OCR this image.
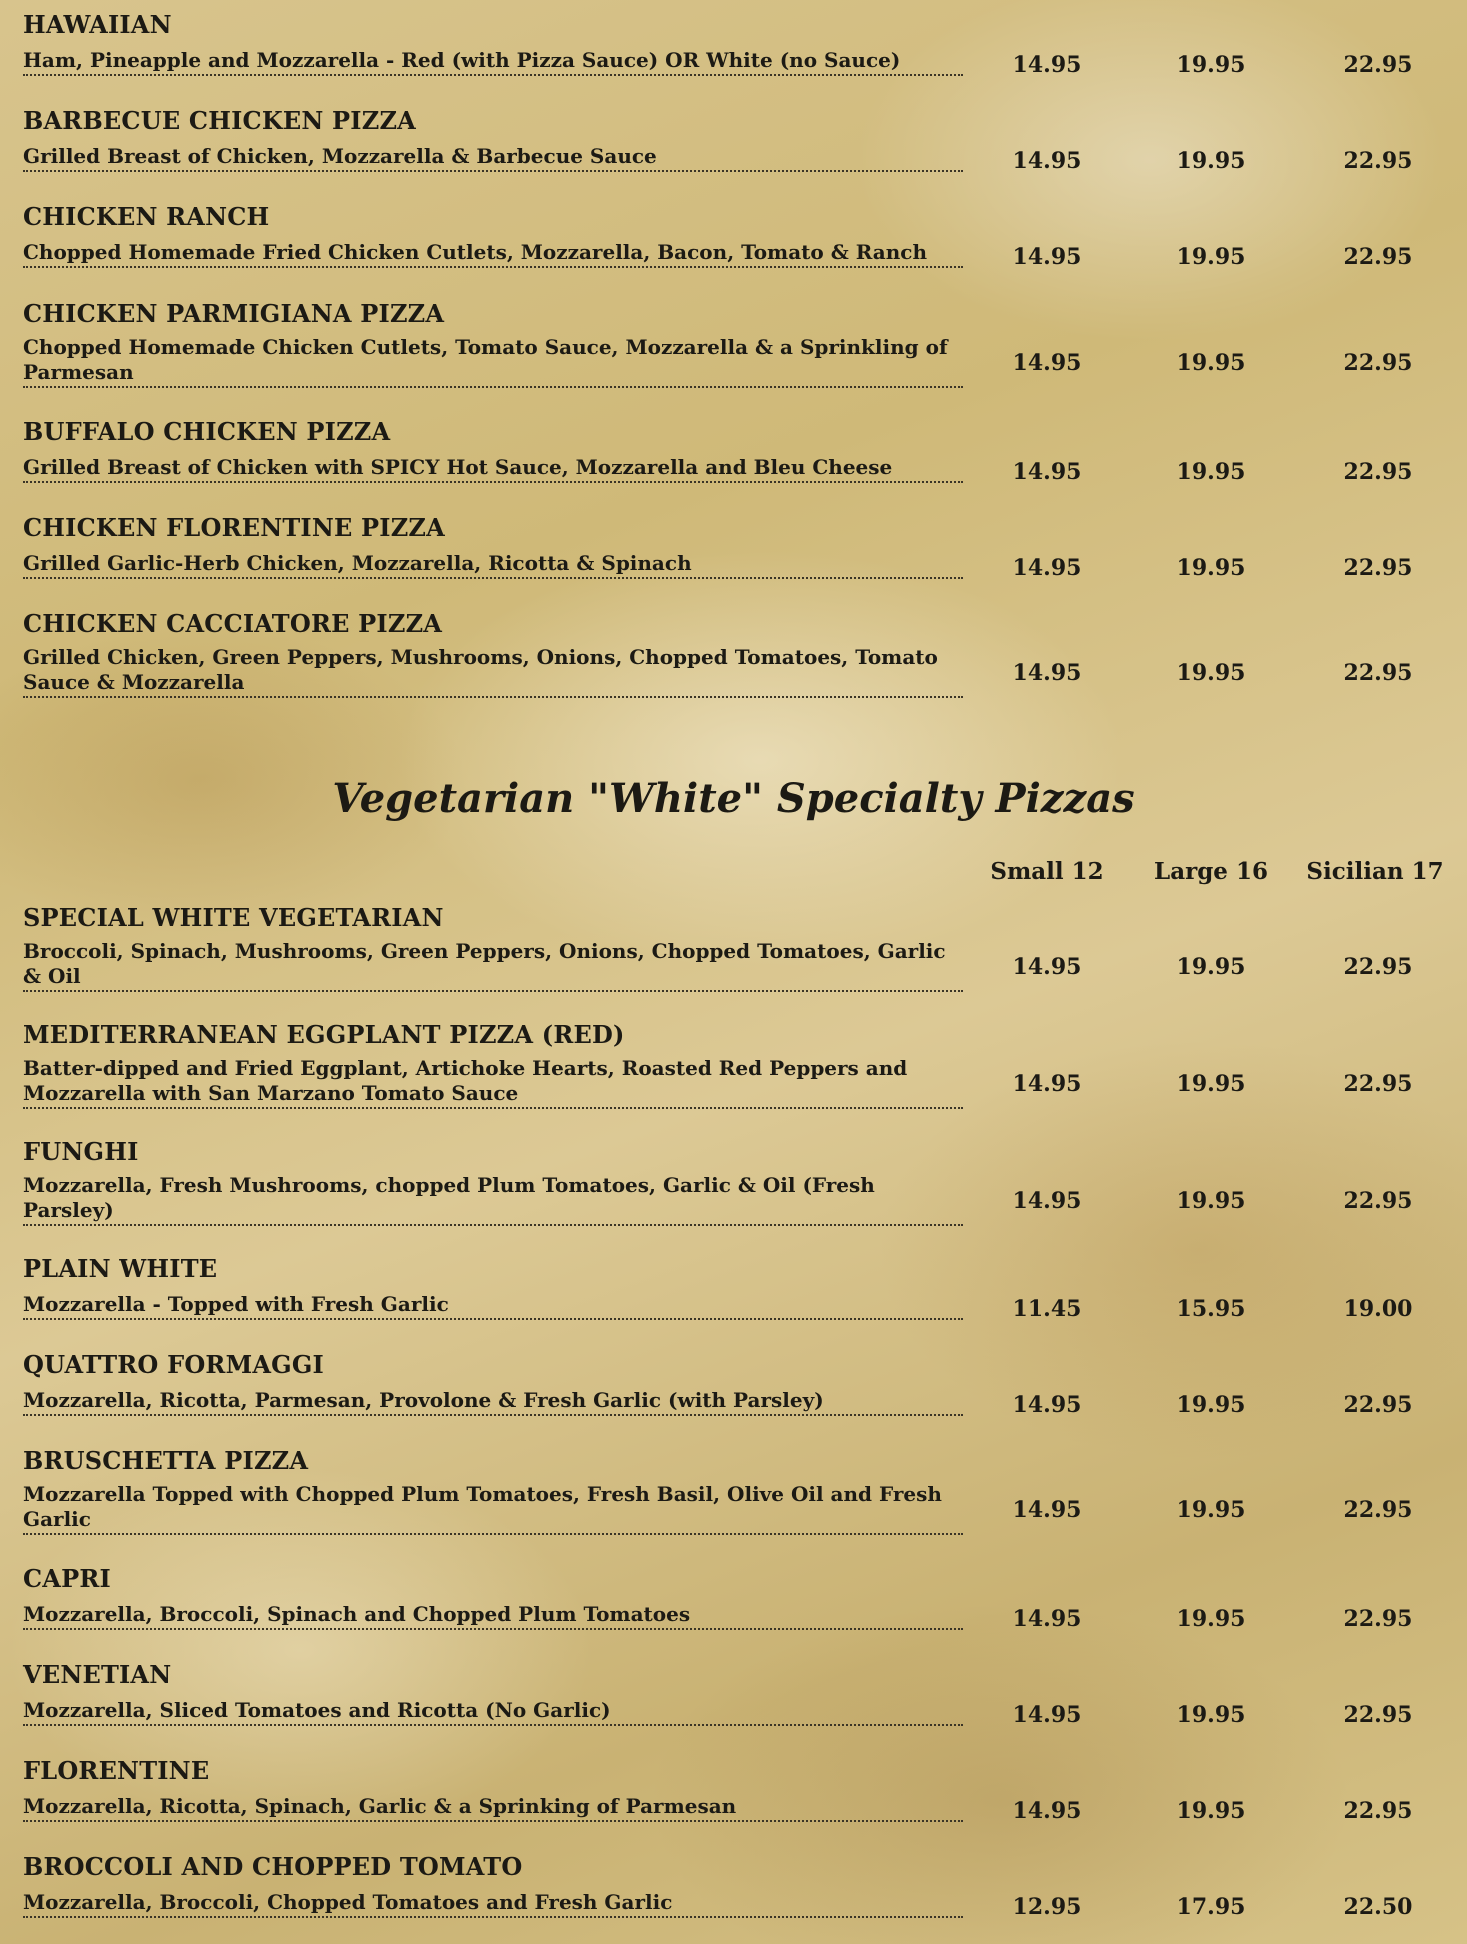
HAWAIIAN
Ham, Pineapple and Mozzarella - Red (with Pizza Sauce) OR White (no Sauce)	14.95	19.95	22.95
BARBECUE CHICKEN PIZZA
Grilled Breast of Chicken, Mozzarella & Barbecue Sauce	14.95	19.95	22.95
CHICKEN RANCH
Chopped Homemade Fried Chicken Cutlets, Mozzarella, Bacon, Tomato & Ranch	14.95	19.95	22.95
CHICKEN PARMIGIANA PIZZA
Chopped Homemade Chicken Cutlets, Tomato Sauce, Mozzarella & a Sprinkling of Parmesan	14.95	19.95	22.95
BUFFALO CHICKEN PIZZA
Grilled Breast of Chicken with SPICY Hot Sauce, Mozzarella and Bleu Cheese	14.95	19.95	22.95
CHICKEN FLORENTINE PIZZA
Grilled Garlic-Herb Chicken, Mozzarella, Ricotta & Spinach	14.95	19.95	22.95
CHICKEN CACCIATORE PIZZA
Grilled Chicken, Green Peppers, Mushrooms, Onions, Chopped Tomatoes, Tomato Sauce & Mozzarella	14.95	19.95	22.95
Vegetarian "White" Specialty Pizzas
Small 12	Large 16	Sicilian 17
SPECIAL WHITE VEGETARIAN
Broccoli, Spinach, Mushrooms, Green Peppers, Onions, Chopped Tomatoes, Garlic & Oil	14.95	19.95	22.95
MEDITERRANEAN EGGPLANT PIZZA (RED)
Batter-dipped and Fried Eggplant, Artichoke Hearts, Roasted Red Peppers and Mozzarella with San Marzano Tomato Sauce	14.95	19.95	22.95
FUNGHI
Mozzarella, Fresh Mushrooms, chopped Plum Tomatoes, Garlic & Oil (Fresh Parsley)	14.95	19.95	22.95
PLAIN WHITE
Mozzarella - Topped with Fresh Garlic	11.45	15.95	19.00
QUATTRO FORMAGGI
Mozzarella, Ricotta, Parmesan, Provolone & Fresh Garlic (with Parsley)	14.95	19.95	22.95
BRUSCHETTA PIZZA
Mozzarella Topped with Chopped Plum Tomatoes, Fresh Basil, Olive Oil and Fresh Garlic	14.95	19.95	22.95
CAPRI
Mozzarella, Broccoli, Spinach and Chopped Plum Tomatoes	14.95	19.95	22.95
VENETIAN
Mozzarella, Sliced Tomatoes and Ricotta (No Garlic)	14.95	19.95	22.95
FLORENTINE
Mozzarella, Ricotta, Spinach, Garlic & a Sprinking of Parmesan	14.95	19.95	22.95
BROCCOLI AND CHOPPED TOMATO
Mozzarella, Broccoli, Chopped Tomatoes and Fresh Garlic	12.95	17.95	22.50
